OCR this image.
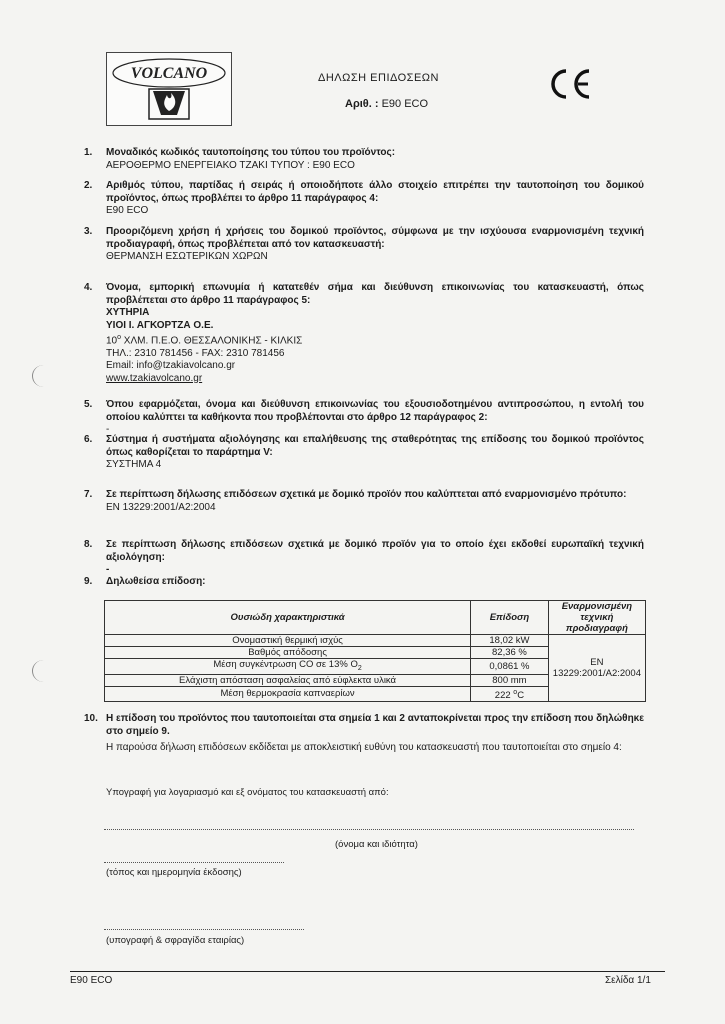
VOLCANO	ΔΗΛΩΣΗ ΕΠΙΔΟΣΕΩΝ
Αριθ. : E90 ECO
CE
1. Μοναδικός κωδικός ταυτοποίησης του τύπου του προϊόντος:
ΑΕΡΟΘΕΡΜΟ ΕΝΕΡΓΕΙΑΚΟ ΤΖΑΚΙ ΤΥΠΟΥ : E90 ECO
2. Αριθμός τύπου, παρτίδας ή σειράς ή οποιοδήποτε άλλο στοιχείο επιτρέπει την ταυτοποίηση του δομικού προϊόντος, όπως προβλέπει το άρθρο 11 παράγραφος 4:
E90 ECO
3. Προοριζόμενη χρήση ή χρήσεις του δομικού προϊόντος, σύμφωνα με την ισχύουσα εναρμονισμένη τεχνική προδιαγραφή, όπως προβλέπεται από τον κατασκευαστή:
ΘΕΡΜΑΝΣΗ ΕΣΩΤΕΡΙΚΩΝ ΧΩΡΩΝ
4. Όνομα, εμπορική επωνυμία ή κατατεθέν σήμα και διεύθυνση επικοινωνίας του κατασκευαστή, όπως προβλέπεται στο άρθρο 11 παράγραφος 5:
ΧΥΤΗΡΙΑ
ΥΙΟΙ Ι. ΑΓΚΟΡΤΖΑ Ο.Ε.
$10^o$ ΧΛΜ. Π.Ε.Ο. ΘΕΣΣΑΛΟΝΙΚΗΣ - ΚΙΛΚΙΣ
ΤΗΛ.: 2310 781456 - FAX: 2310 781456
Email: info@tzakiavolcano.gr
www.tzakiavolcano.gr
5. Όπου εφαρμόζεται, όνομα και διεύθυνση επικοινωνίας του εξουσιοδοτημένου αντιπροσώπου, η εντολή του οποίου καλύπτει τα καθήκοντα που προβλέπονται στο άρθρο 12 παράγραφος 2:
-
6. Σύστημα ή συστήματα αξιολόγησης και επαλήθευσης της σταθερότητας της επίδοσης του δομικού προϊόντος όπως καθορίζεται το παράρτημα V:
ΣΥΣΤΗΜΑ 4
7. Σε περίπτωση δήλωσης επιδόσεων σχετικά με δομικό προϊόν που καλύπτεται από εναρμονισμένο πρότυπο:
EN 13229:2001/A2:2004
8. Σε περίπτωση δήλωσης επιδόσεων σχετικά με δομικό προϊόν για το οποίο έχει εκδοθεί ευρωπαϊκή τεχνική αξιολόγηση:
-
9. Δηλωθείσα επίδοση:
Ουσιώδη χαρακτηριστικά	Επίδοση	Εναρμονισμένη τεχνική προδιαγραφή
Ονομαστική θερμική ισχύς	18,02 kW	EN 13229:2001/A2:2004
Βαθμός απόδοσης	82,36 %	
Μέση συγκέντρωση CO σε 13% $O_2$	0,0861 %	
Ελάχιστη απόσταση ασφαλείας από εύφλεκτα υλικά	800 mm	
Μέση θερμοκρασία καπναερίων	222 $^o$C	
10. Η επίδοση του προϊόντος που ταυτοποιείται στα σημεία 1 και 2 ανταποκρίνεται προς την επίδοση που δηλώθηκε στο σημείο 9.
Η παρούσα δήλωση επιδόσεων εκδίδεται με αποκλειστική ευθύνη του κατασκευαστή που ταυτοποιείται στο σημείο 4:
Υπογραφή για λογαριασμό και εξ ονόματος του κατασκευαστή από:
(όνομα και ιδιότητα)
(τόπος και ημερομηνία έκδοσης)
(υπογραφή & σφραγίδα εταιρίας)
E90 ECO	Σελίδα 1/1
